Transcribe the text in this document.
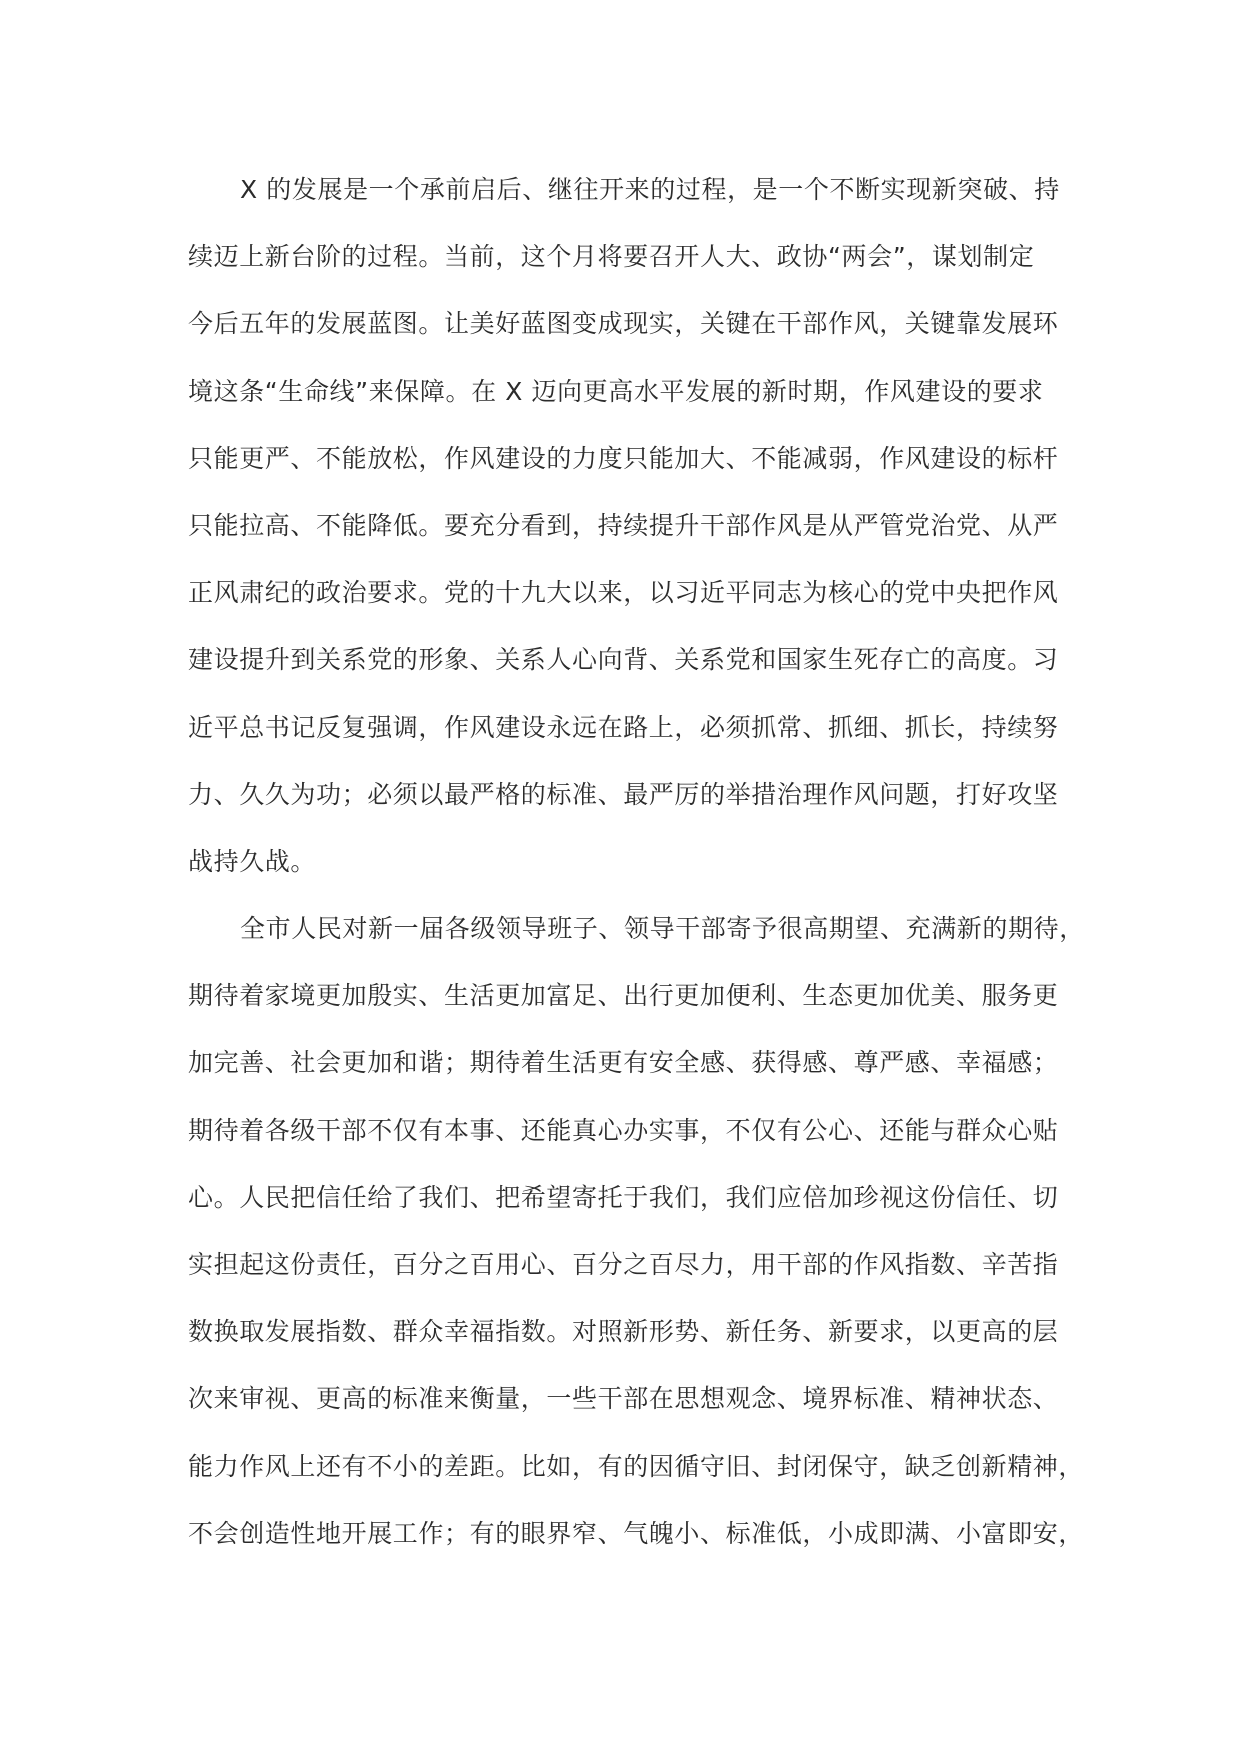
X 的发展是一个承前启后、继往开来的过程，是一个不断实现新突破、持
续迈上新台阶的过程。当前，这个月将要召开人大、政协“两会”，谋划制定
今后五年的发展蓝图。让美好蓝图变成现实，关键在干部作风，关键靠发展环
境这条“生命线”来保障。在 X 迈向更高水平发展的新时期，作风建设的要求
只能更严、不能放松，作风建设的力度只能加大、不能减弱，作风建设的标杆
只能拉高、不能降低。要充分看到，持续提升干部作风是从严管党治党、从严
正风肃纪的政治要求。党的十九大以来，以习近平同志为核心的党中央把作风
建设提升到关系党的形象、关系人心向背、关系党和国家生死存亡的高度。习
近平总书记反复强调，作风建设永远在路上，必须抓常、抓细、抓长，持续努
力、久久为功；必须以最严格的标准、最严厉的举措治理作风问题，打好攻坚
战持久战。
全市人民对新一届各级领导班子、领导干部寄予很高期望、充满新的期待，
期待着家境更加殷实、生活更加富足、出行更加便利、生态更加优美、服务更
加完善、社会更加和谐；期待着生活更有安全感、获得感、尊严感、幸福感；
期待着各级干部不仅有本事、还能真心办实事，不仅有公心、还能与群众心贴
心。人民把信任给了我们、把希望寄托于我们，我们应倍加珍视这份信任、切
实担起这份责任，百分之百用心、百分之百尽力，用干部的作风指数、辛苦指
数换取发展指数、群众幸福指数。对照新形势、新任务、新要求，以更高的层
次来审视、更高的标准来衡量，一些干部在思想观念、境界标准、精神状态、
能力作风上还有不小的差距。比如，有的因循守旧、封闭保守，缺乏创新精神，
不会创造性地开展工作；有的眼界窄、气魄小、标准低，小成即满、小富即安，
